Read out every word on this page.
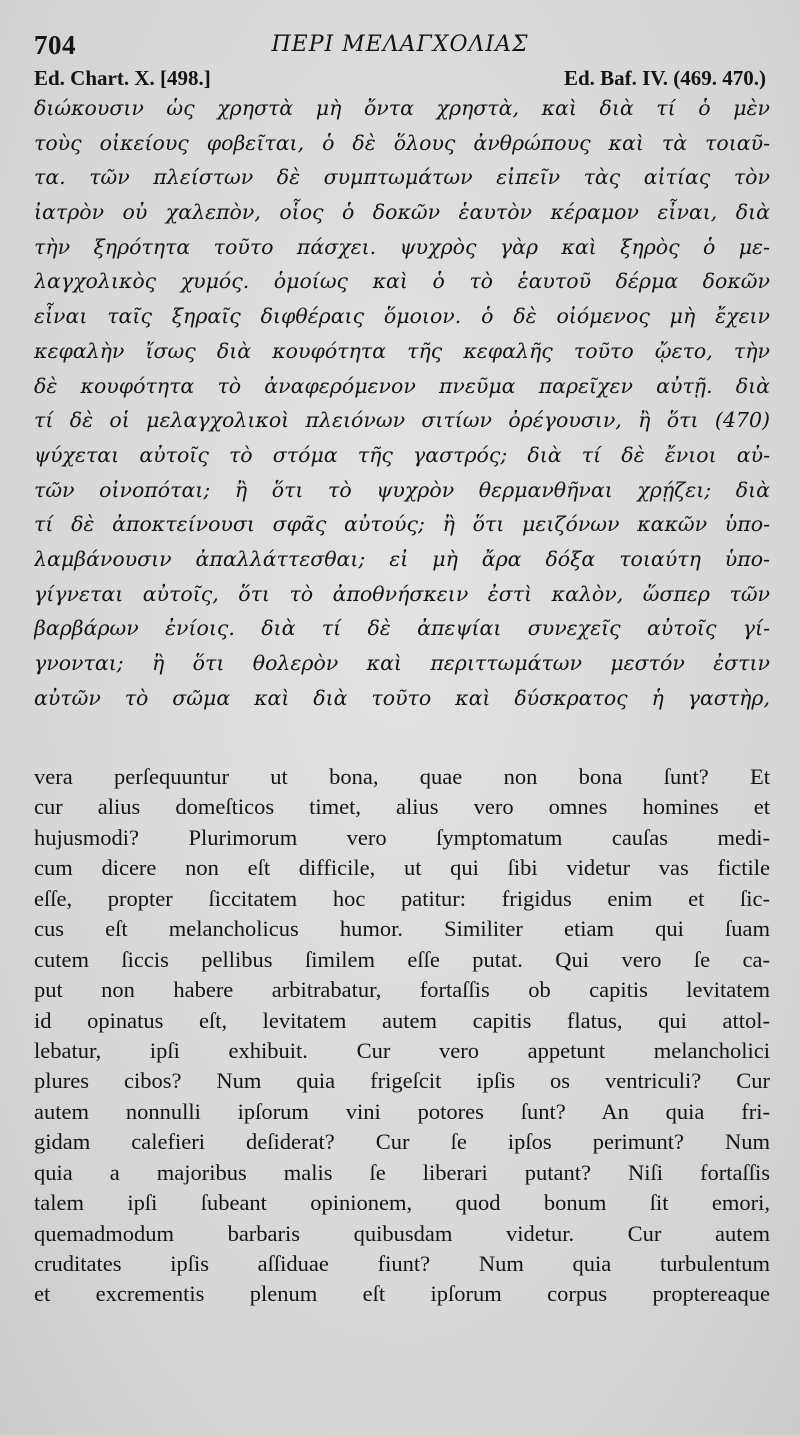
704	ΠΕΡΙ ΜΕΛΑΓΧΟΛΙΑΣ
Ed. Chart. X. [498.]	Ed. Baf. IV. (469. 470.)
διώκουσιν ὡς χρηστὰ μὴ ὄντα χρηστὰ, καὶ διὰ τί ὁ μὲν
τοὺς οἰκείους φοβεῖται, ὁ δὲ ὅλους ἀνθρώπους καὶ τὰ τοιαῦ-
τα. τῶν πλείστων δὲ συμπτωμάτων εἰπεῖν τὰς αἰτίας τὸν
ἰατρὸν οὐ χαλεπὸν, οἷος ὁ δοκῶν ἑαυτὸν κέραμον εἶναι, διὰ
τὴν ξηρότητα τοῦτο πάσχει. ψυχρὸς γὰρ καὶ ξηρὸς ὁ με-
λαγχολικὸς χυμός. ὁμοίως καὶ ὁ τὸ ἑαυτοῦ δέρμα δοκῶν
εἶναι ταῖς ξηραῖς διφθέραις ὅμοιον. ὁ δὲ οἰόμενος μὴ ἔχειν
κεφαλὴν ἴσως διὰ κουφότητα τῆς κεφαλῆς τοῦτο ᾤετο, τὴν
δὲ κουφότητα τὸ ἀναφερόμενον πνεῦμα παρεῖχεν αὐτῇ. διὰ
τί δὲ οἱ μελαγχολικοὶ πλειόνων σιτίων ὀρέγουσιν, ἢ ὅτι (470)
ψύχεται αὐτοῖς τὸ στόμα τῆς γαστρός; διὰ τί δὲ ἔνιοι αὐ-
τῶν οἰνοπόται; ἢ ὅτι τὸ ψυχρὸν θερμανθῆναι χρῄζει; διὰ
τί δὲ ἀποκτείνουσι σφᾶς αὐτούς; ἢ ὅτι μειζόνων κακῶν ὑπο-
λαμβάνουσιν ἀπαλλάττεσθαι; εἰ μὴ ἄρα δόξα τοιαύτη ὑπο-
γίγνεται αὐτοῖς, ὅτι τὸ ἀποθνήσκειν ἐστὶ καλὸν, ὥσπερ τῶν
βαρβάρων ἐνίοις. διὰ τί δὲ ἀπεψίαι συνεχεῖς αὐτοῖς γί-
γνονται; ἢ ὅτι θολερὸν καὶ περιττωμάτων μεστόν ἐστιν
αὐτῶν τὸ σῶμα καὶ διὰ τοῦτο καὶ δύσκρατος ἡ γαστὴρ,
vera perſequuntur ut bona, quae non bona ſunt? Et
cur alius domeſticos timet, alius vero omnes homines et
hujusmodi? Plurimorum vero ſymptomatum cauſas medi-
cum dicere non eſt difficile, ut qui ſibi videtur vas fictile
eſſe, propter ſiccitatem hoc patitur: frigidus enim et ſic-
cus eſt melancholicus humor. Similiter etiam qui ſuam
cutem ſiccis pellibus ſimilem eſſe putat. Qui vero ſe ca-
put non habere arbitrabatur, fortaſſis ob capitis levitatem
id opinatus eſt, levitatem autem capitis flatus, qui attol-
lebatur, ipſi exhibuit. Cur vero appetunt melancholici
plures cibos? Num quia frigeſcit ipſis os ventriculi? Cur
autem nonnulli ipſorum vini potores ſunt? An quia fri-
gidam calefieri deſiderat? Cur ſe ipſos perimunt? Num
quia a majoribus malis ſe liberari putant? Niſi fortaſſis
talem ipſi ſubeant opinionem, quod bonum ſit emori,
quemadmodum barbaris quibusdam videtur. Cur autem
cruditates ipſis aſſiduae fiunt? Num quia turbulentum
et excrementis plenum eſt ipſorum corpus proptereaque
